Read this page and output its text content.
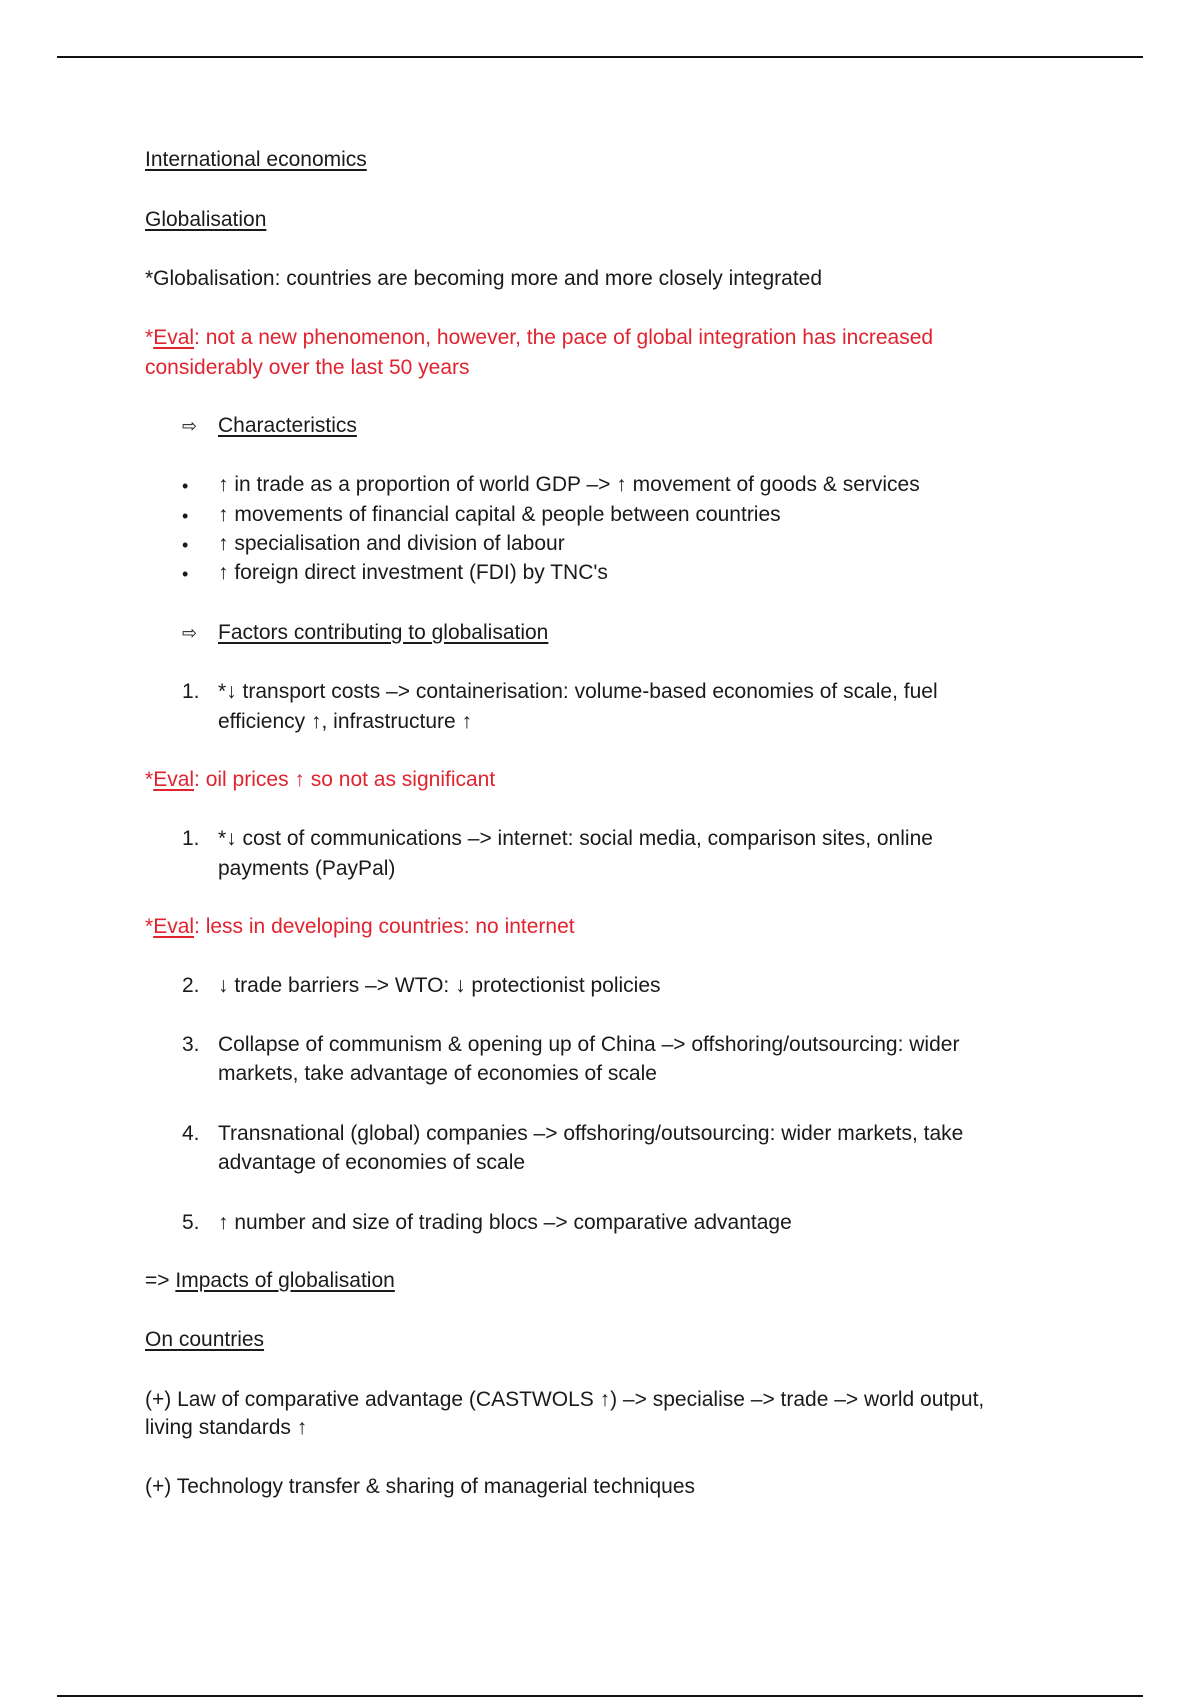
International economics

Globalisation

*Globalisation: countries are becoming more and more closely integrated

*Eval: not a new phenomenon, however, the pace of global integration has increased

considerably over the last 50 years

⇨ Characteristics

• ↑ in trade as a proportion of world GDP –> ↑ movement of goods & services

• ↑ movements of financial capital & people between countries

• ↑ specialisation and division of labour

• ↑ foreign direct investment (FDI) by TNC's

⇨ Factors contributing to globalisation

1. *↓ transport costs –> containerisation: volume-based economies of scale, fuel

efficiency ↑, infrastructure ↑

*Eval: oil prices ↑ so not as significant

1. *↓ cost of communications –> internet: social media, comparison sites, online

payments (PayPal)

*Eval: less in developing countries: no internet

2. ↓ trade barriers –> WTO: ↓ protectionist policies

3. Collapse of communism & opening up of China –> offshoring/outsourcing: wider

markets, take advantage of economies of scale

4. Transnational (global) companies –> offshoring/outsourcing: wider markets, take

advantage of economies of scale

5. ↑ number and size of trading blocs –> comparative advantage

=> Impacts of globalisation

On countries

(+) Law of comparative advantage (CASTWOLS ↑) –> specialise –> trade –> world output,

living standards ↑

(+) Technology transfer & sharing of managerial techniques
